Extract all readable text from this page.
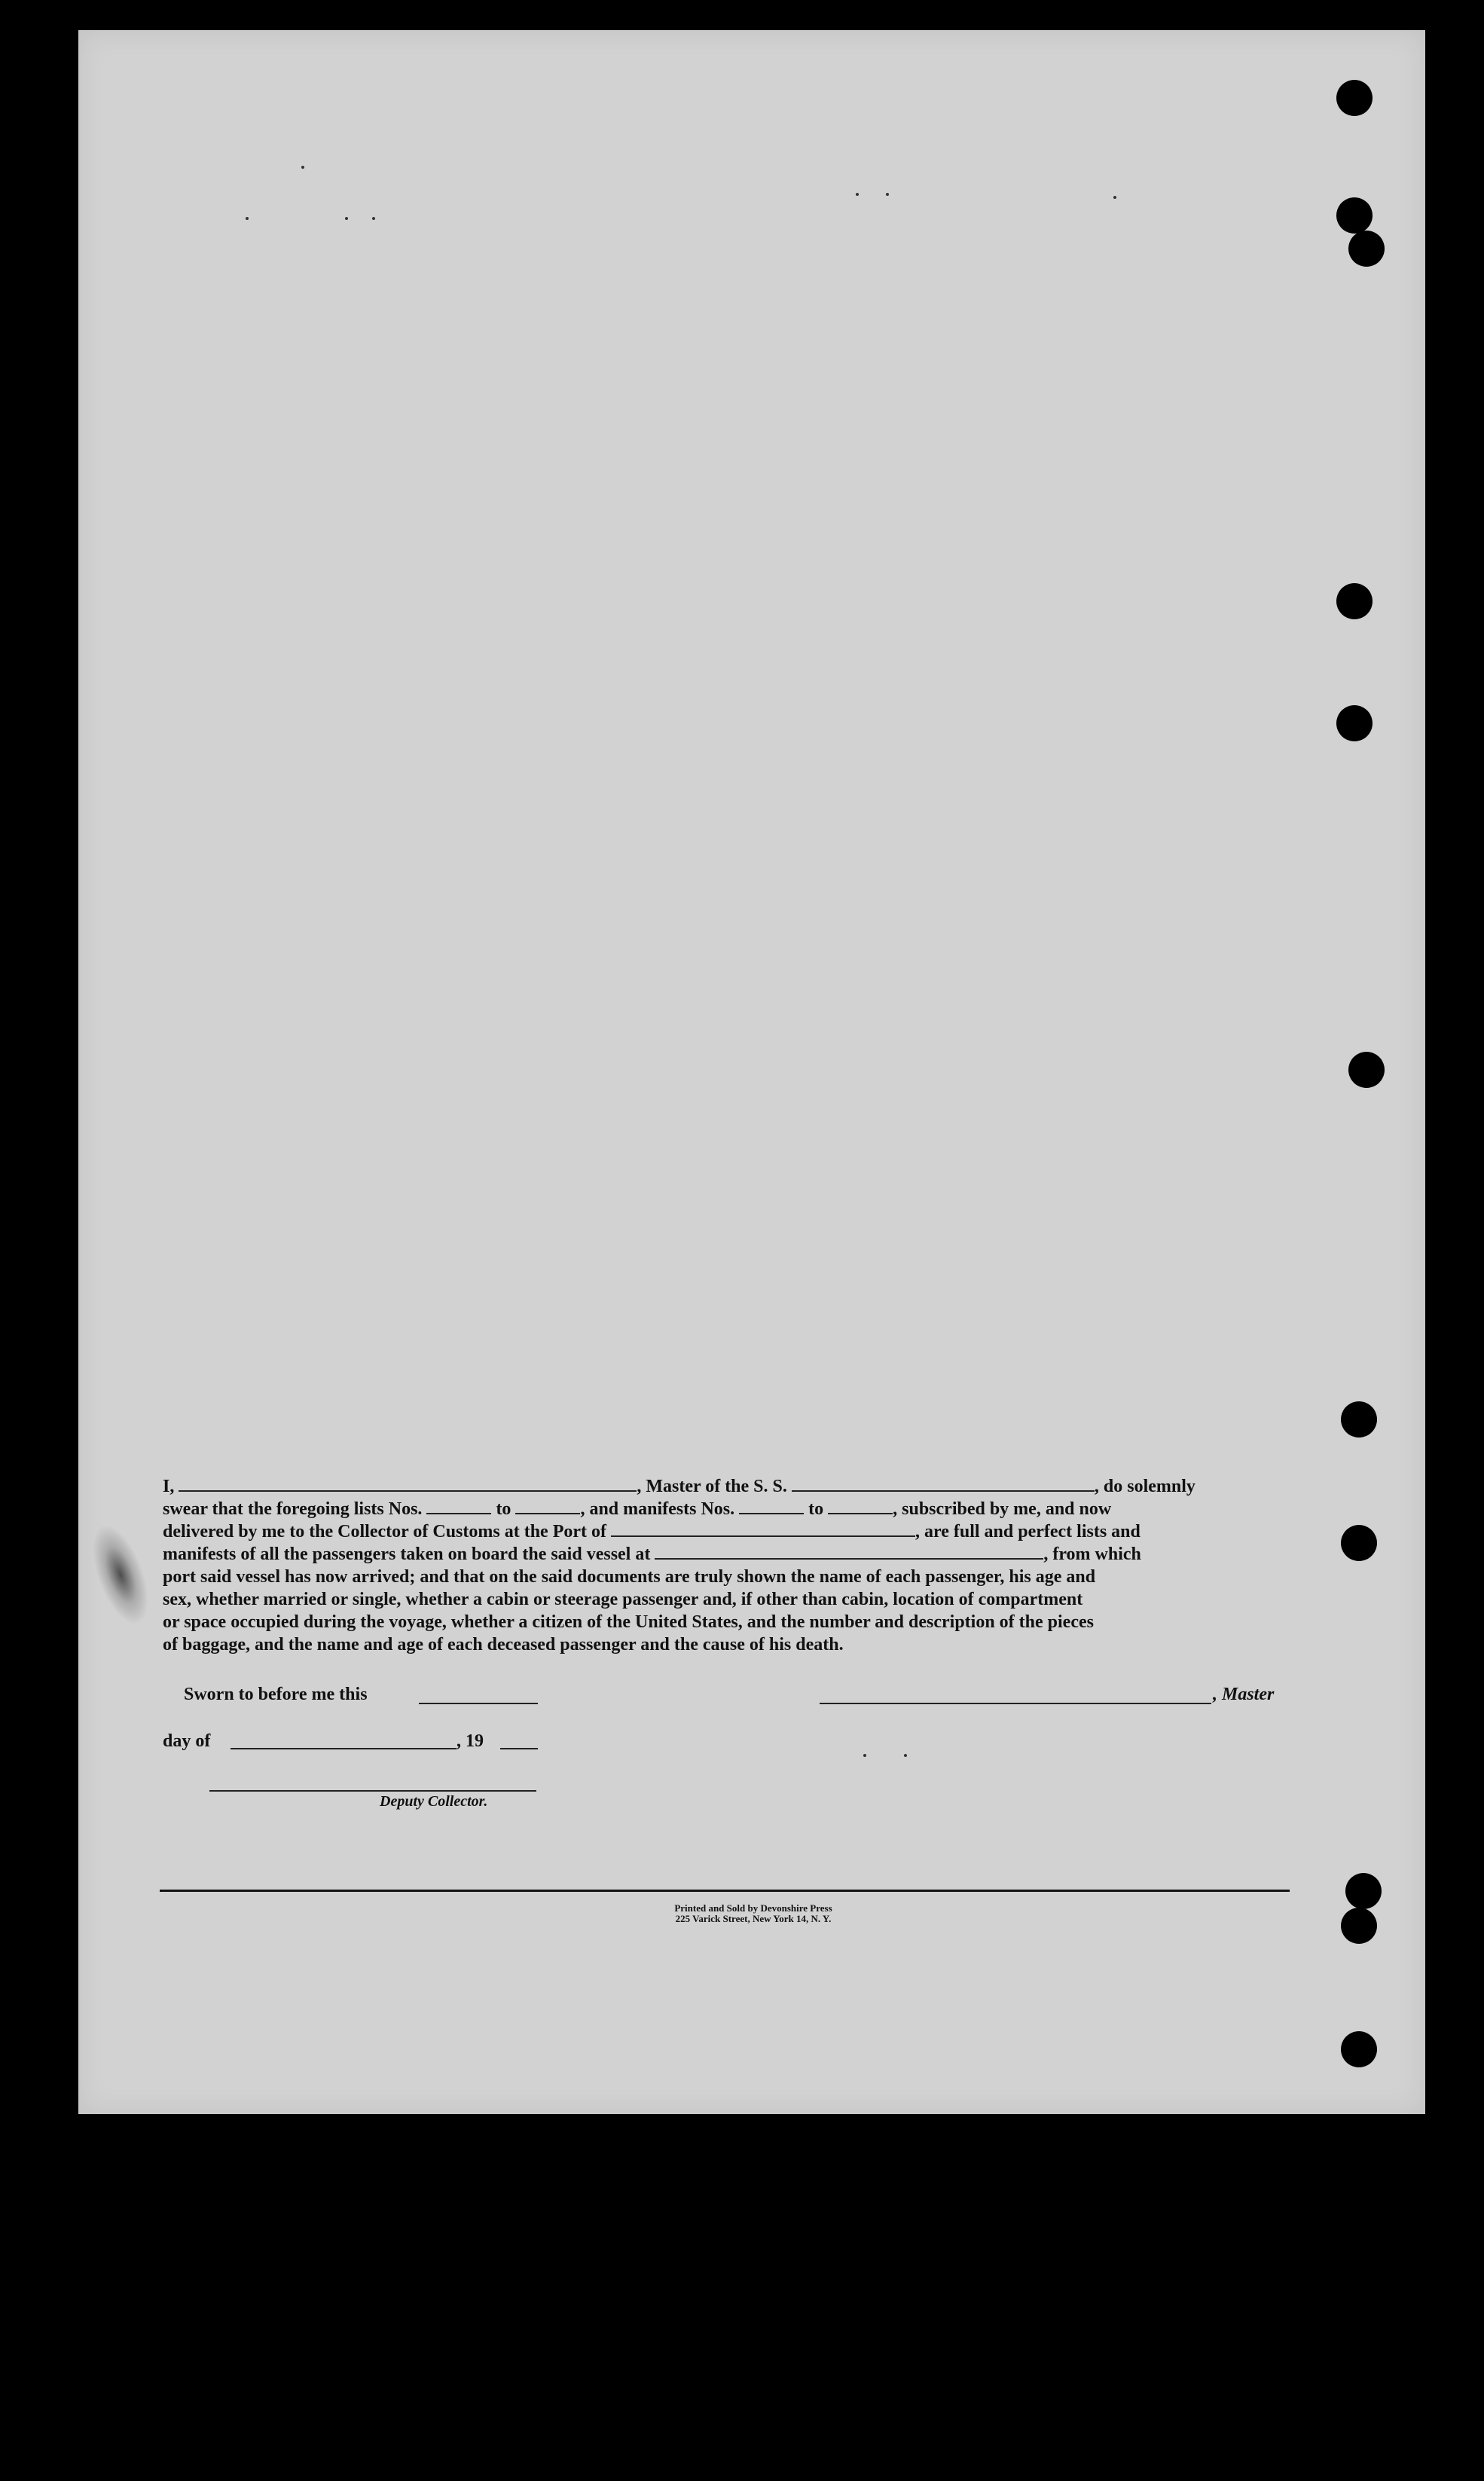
I,	, Master of the S. S.	, do solemnly
swear that the foregoing lists Nos.	to	, and manifests Nos.	to	, subscribed by me, and now
delivered by me to the Collector of Customs at the Port of	, are full and perfect lists and
manifests of all the passengers taken on board the said vessel at	, from which
port said vessel has now arrived; and that on the said documents are truly shown the name of each passenger, his age and
sex, whether married or single, whether a cabin or steerage passenger and, if other than cabin, location of compartment
or space occupied during the voyage, whether a citizen of the United States, and the number and description of the pieces
of baggage, and the name and age of each deceased passenger and the cause of his death.
Sworn to before me this	, Master
day of	, 19
Deputy Collector.
Printed and Sold by Devonshire Press
225 Varick Street, New York 14, N. Y.
